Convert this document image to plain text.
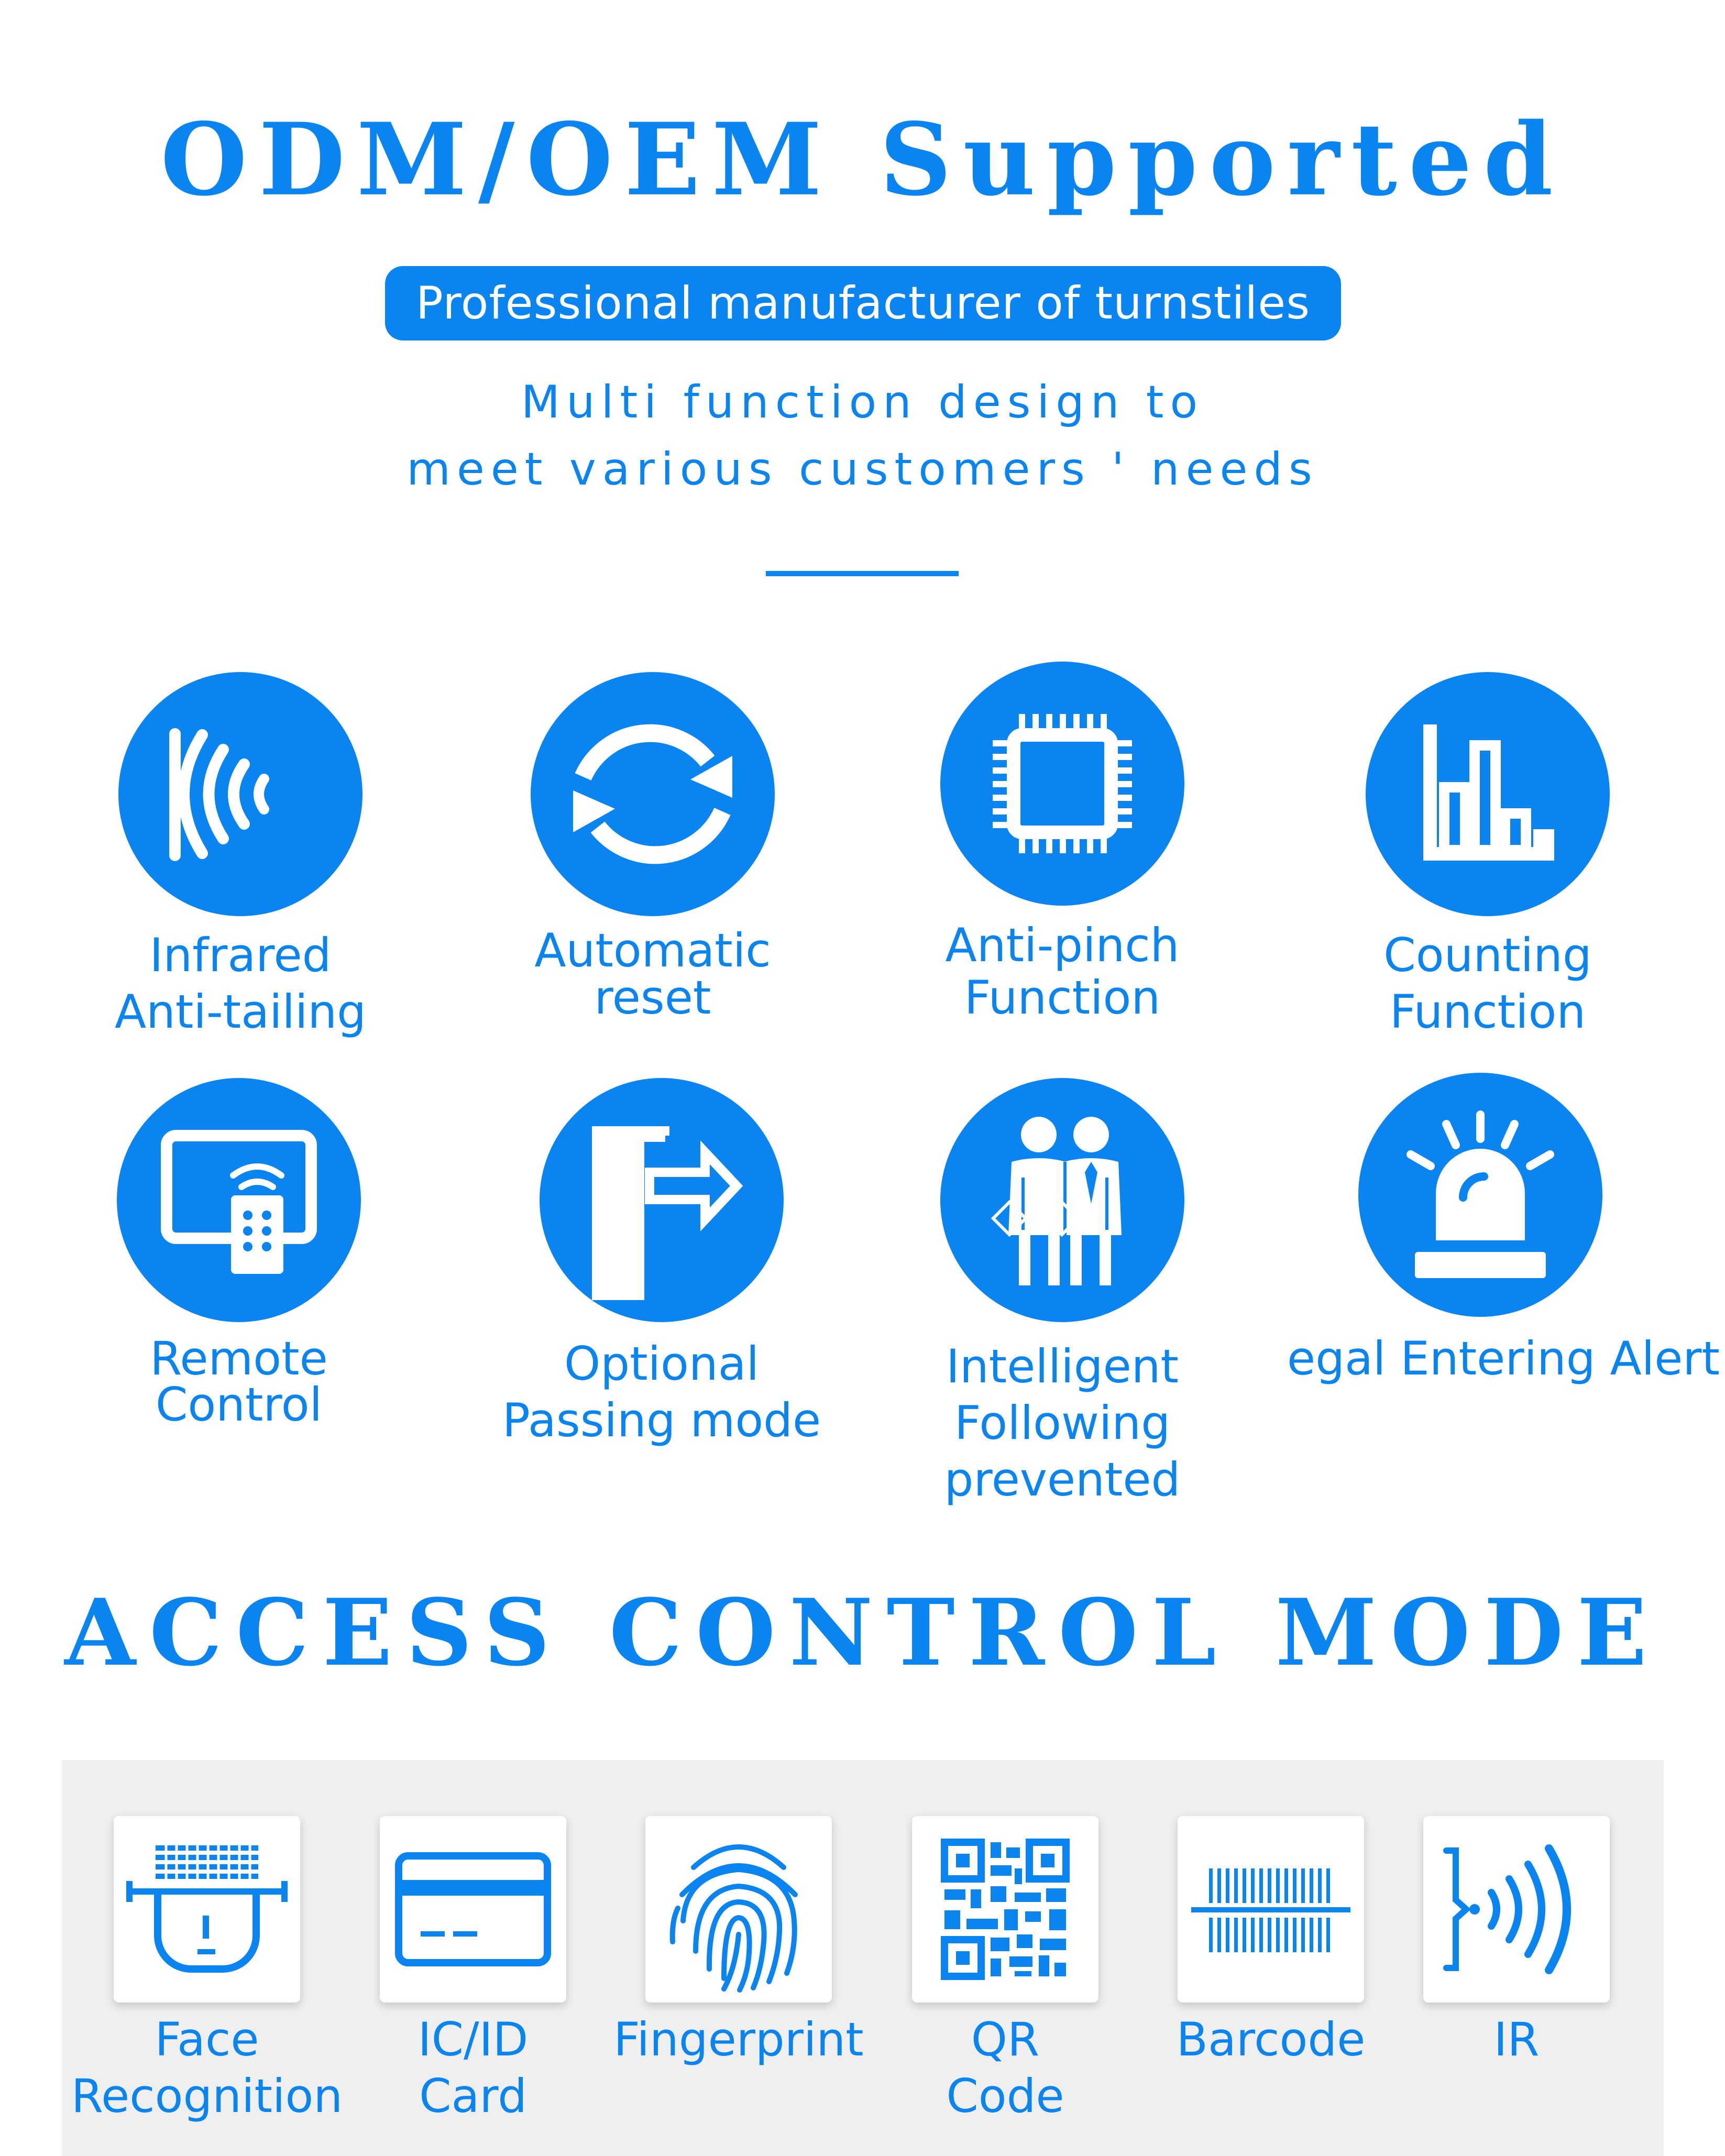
ODM/OEM Supported
Professional manufacturer of turnstiles
Multi function design to
meet various customers ' needs
Infrared
Anti-tailing
Automatic
reset
Anti-pinch
Function
Counting
Function
Remote
Control
Optional
Passing mode
Intelligent
Following prevented
egal Entering Alert
ACCESS CONTROL MODE
Face
Recognition
IC/ID
Card
Fingerprint	QR
Code
Barcode	IR
